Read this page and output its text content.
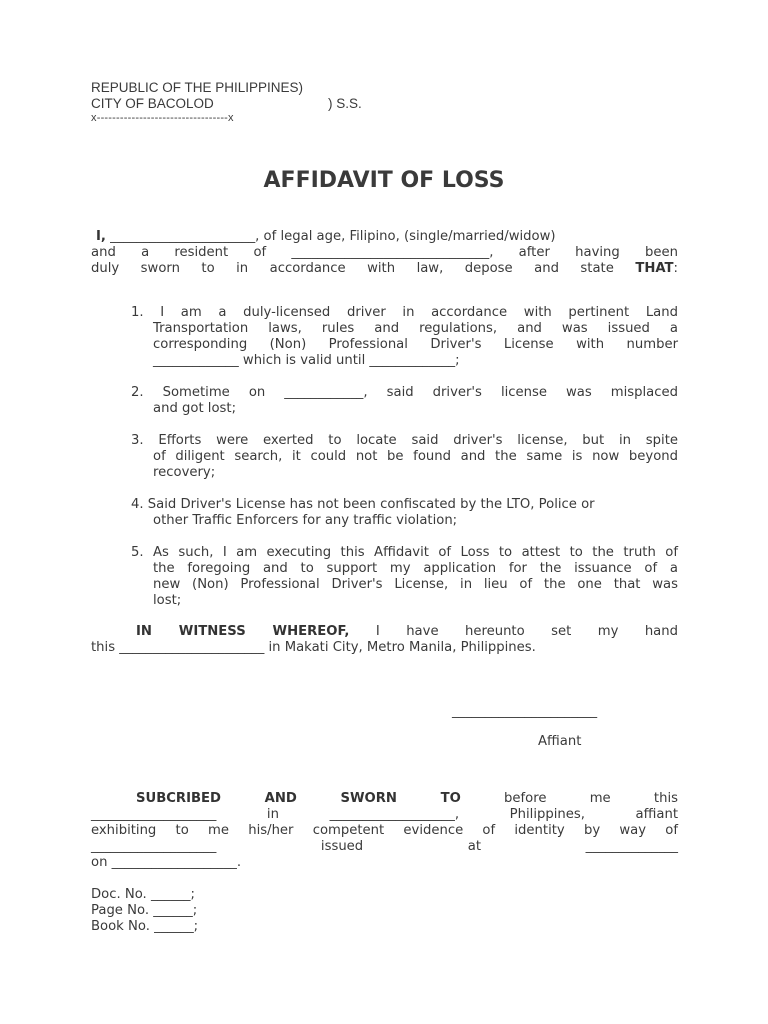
REPUBLIC OF THE PHILIPPINES)
CITY OF BACOLOD	) S.S.
x----------------------------------x
AFFIDAVIT OF LOSS
I, ______________________, of legal age, Filipino, (single/married/widow)
and a resident of ______________________________, after having been
duly sworn to in accordance with law, depose and state THAT:
1. I am a duly-licensed driver in accordance with pertinent Land
Transportation laws, rules and regulations, and was issued a
corresponding (Non) Professional Driver's License with number
_____________ which is valid until _____________;
2. Sometime on ____________, said driver's license was misplaced
and got lost;
3. Efforts were exerted to locate said driver's license, but in spite
of diligent search, it could not be found and the same is now beyond
recovery;
4. Said Driver's License has not been confiscated by the LTO, Police or
other Traffic Enforcers for any traffic violation;
5. As such, I am executing this Affidavit of Loss to attest to the truth of
the foregoing and to support my application for the issuance of a
new (Non) Professional Driver's License, in lieu of the one that was
lost;
IN WITNESS WHEREOF, I have hereunto set my hand
this ______________________ in Makati City, Metro Manila, Philippines.
______________________
Affiant
SUBCRIBED AND SWORN TO	before me this
___________________ in ___________________, Philippines, affiant
exhibiting to me his/her competent evidence of identity by way of
___________________ issued at ______________
on ___________________.
Doc. No. ______;
Page No. ______;
Book No. ______;
